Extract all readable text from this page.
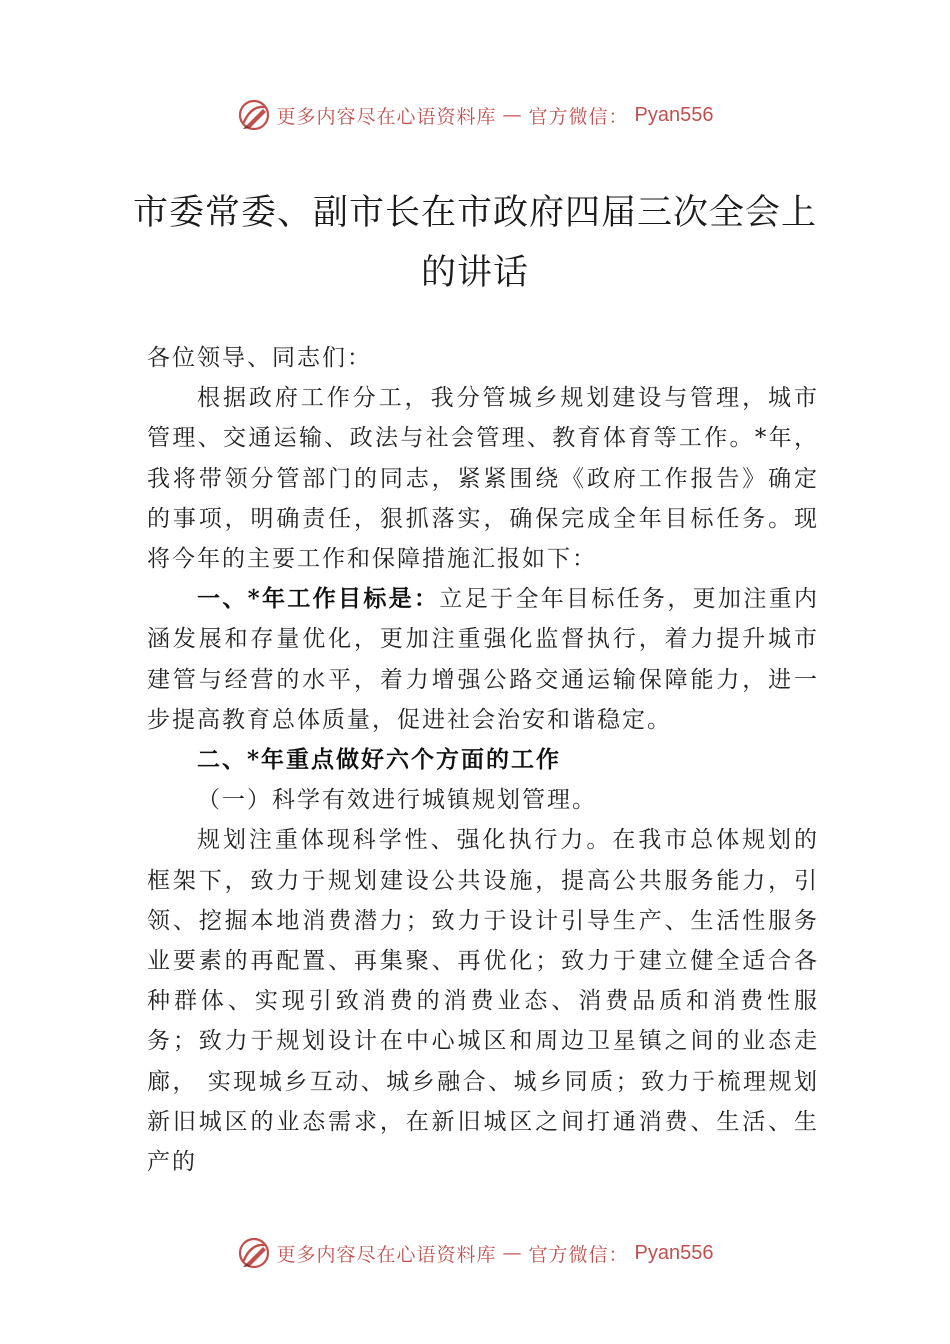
更多内容尽在心语资料库 — 官方微信： Pyan556
市委常委、副市长在市政府四届三次全会上的讲话

各位领导、同志们：

根据政府工作分工，我分管城乡规划建设与管理，城市管理、交通运输、政法与社会管理、教育体育等工作。*年，我将带领分管部门的同志，紧紧围绕《政府工作报告》确定的事项，明确责任，狠抓落实，确保完成全年目标任务。现将今年的主要工作和保障措施汇报如下：

一、*年工作目标是：立足于全年目标任务，更加注重内涵发展和存量优化，更加注重强化监督执行，着力提升城市建管与经营的水平，着力增强公路交通运输保障能力，进一步提高教育总体质量，促进社会治安和谐稳定。

二、*年重点做好六个方面的工作

（一）科学有效进行城镇规划管理。

规划注重体现科学性、强化执行力。在我市总体规划的框架下，致力于规划建设公共设施，提高公共服务能力，引领、挖掘本地消费潜力；致力于设计引导生产、生活性服务业要素的再配置、再集聚、再优化；致力于建立健全适合各种群体、实现引致消费的消费业态、消费品质和消费性服务；致力于规划设计在中心城区和周边卫星镇之间的业态走廊， 实现城乡互动、城乡融合、城乡同质；致力于梳理规划新旧城区的业态需求，在新旧城区之间打通消费、生活、生产的

更多内容尽在心语资料库 — 官方微信： Pyan556
